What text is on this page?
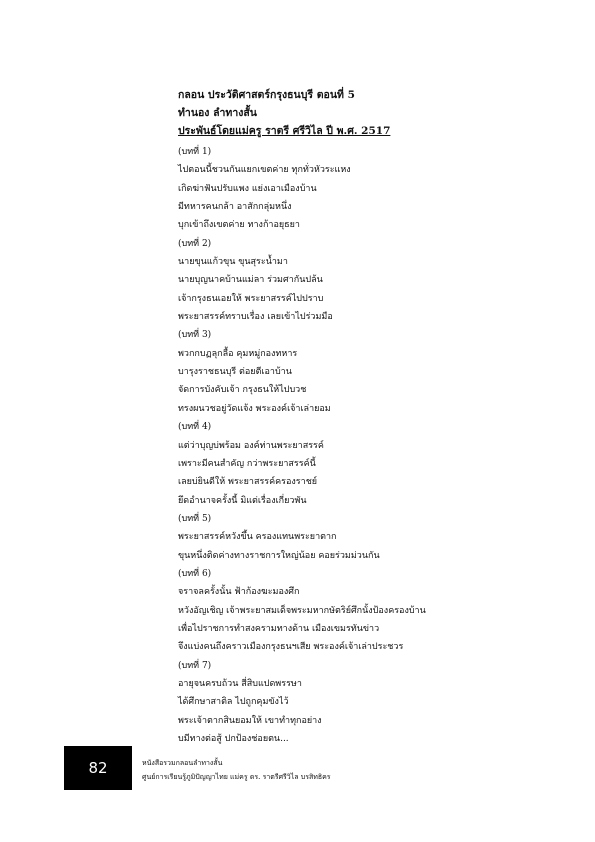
กลอน ประวัติศาสตร์กรุงธนบุรี ตอนที่ 5
ทำนอง ลำทางสั้น
ประพันธ์โดยแม่ครู ราตรี ศรีวิไล ปี พ.ศ. 2517
(บทที่ 1)
ไปตอนนี้ชวนกันแยกเขตค่าย ทุกทั่วหัวระแหง
เกิดฆ่าฟันปรับแพง แย่งเอาเมืองบ้าน
มีทหารคนกล้า อาสักกลุ่มหนึ่ง
บุกเข้าถึงเขตค่าย ทางก้าอยุธยา
(บทที่ 2)
นายขุนแก้วขุน ขุนสุระน้ำมา
นายบุญนาคบ้านแม่ลา ร่วมศากันปล้น
เจ้ากรุงธนเอยให้ พระยาสรรค์ไปปราบ
พระยาสรรค์ทราบเรื่อง เลยเข้าไปร่วมมือ
(บทที่ 3)
พวกกบฏลุกลื้อ คุมหมู่กองทหาร
บารุงราชธนบุรี ต่อยตีเอาบ้าน
จัดการบังคับเจ้า กรุงธนให้ไปบวช
ทรงผนวชอยู่วัดแจ้ง พระองค์เจ้าเล่ายอม
(บทที่ 4)
แต่ว่าบุญบ่พร้อม องค์ท่านพระยาสรรค์
เพราะมีคนสำคัญ กว่าพระยาสรรค์นี้
เลยบ่ยินดีให้ พระยาสรรค์ครองราชย์
ยึดอำนาจครั้งนี้ มิแต่เรื่องเกี่ยวพัน
(บทที่ 5)
พระยาสรรค์หวังขึ้น ครองแทนพระยาตาก
ขุนหนึ่งติดค่างทางราชการใหญ่น้อย คอยร่วมม่วนกัน
(บทที่ 6)
จราจลครั้งนั้น ฟ้าก้องฆะมองศึก
หวังอัญเชิญ เจ้าพระยาสมเด็จพระมหากษัตริย์ศึกนั้งป้องครองบ้าน
เพื่อไปราชการทำสงครามทางด้าน เมืองเขมรทันข่าว
จึงแบ่งคนถึงคราวเมืองกรุงธนฯเสีย พระองค์เจ้าเล่าประชวร
(บทที่ 7)
อายุจนครบถ้วน สี่สิบแปดพรรษา
ได้ศึกษาสาติล ไปถูกคุมขังไว้
พระเจ้าตากสินยอมให้ เขาทำทุกอย่าง
บมีทางต่อสู้ ปกป้องช่อยตน...
82	หนังสือรวมกลอนลำทางสั้น
ศูนย์การเรียนรู้ภูมิปัญญาไทย แม่ครู ดร. ราตรีศรีวิไล บรสิทธิคร
